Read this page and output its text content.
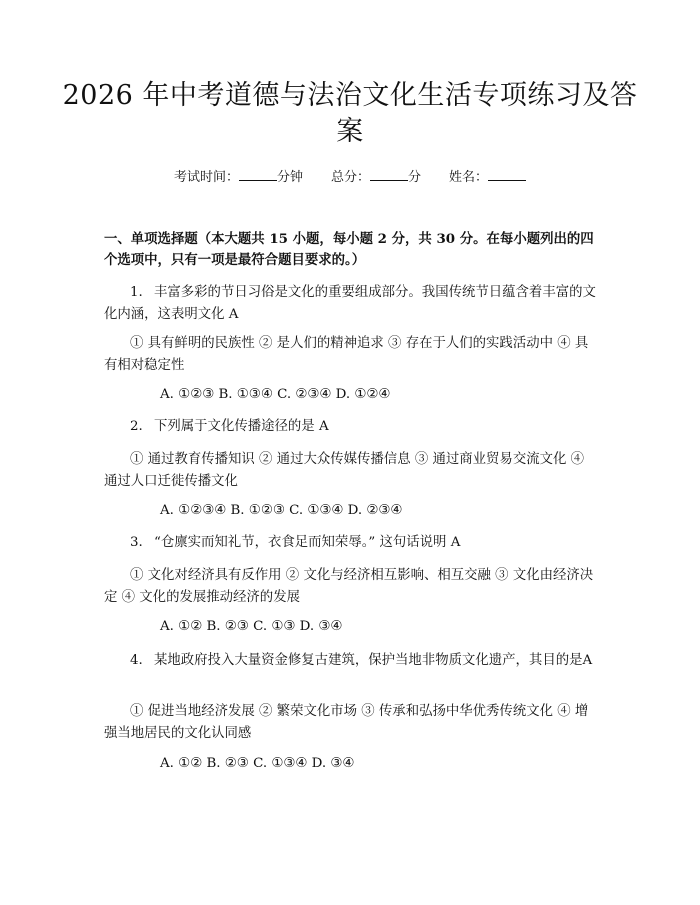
2026 年中考道德与法治文化生活专项练习及答案
考试时间：	分钟 总分：	分 姓名：

一、单项选择题（本大题共 15 小题，每小题 2 分，共 30 分。在每小题列出的四个选项中，只有一项是最符合题目要求的。）

1. 丰富多彩的节日习俗是文化的重要组成部分。我国传统节日蕴含着丰富的文化内涵，这表明文化 A

① 具有鲜明的民族性 ② 是人们的精神追求 ③ 存在于人们的实践活动中 ④ 具有相对稳定性

A. ①②③ B. ①③④ C. ②③④ D. ①②④

2. 下列属于文化传播途径的是 A

① 通过教育传播知识 ② 通过大众传媒传播信息 ③ 通过商业贸易交流文化 ④ 通过人口迁徙传播文化

A. ①②③④ B. ①②③ C. ①③④ D. ②③④

3. “仓廪实而知礼节，衣食足而知荣辱。” 这句话说明 A

① 文化对经济具有反作用 ② 文化与经济相互影响、相互交融 ③ 文化由经济决定 ④ 文化的发展推动经济的发展

A. ①② B. ②③ C. ①③ D. ③④

4. 某地政府投入大量资金修复古建筑，保护当地非物质文化遗产，其目的是A

① 促进当地经济发展 ② 繁荣文化市场 ③ 传承和弘扬中华优秀传统文化 ④ 增强当地居民的文化认同感

A. ①② B. ②③ C. ①③④ D. ③④
